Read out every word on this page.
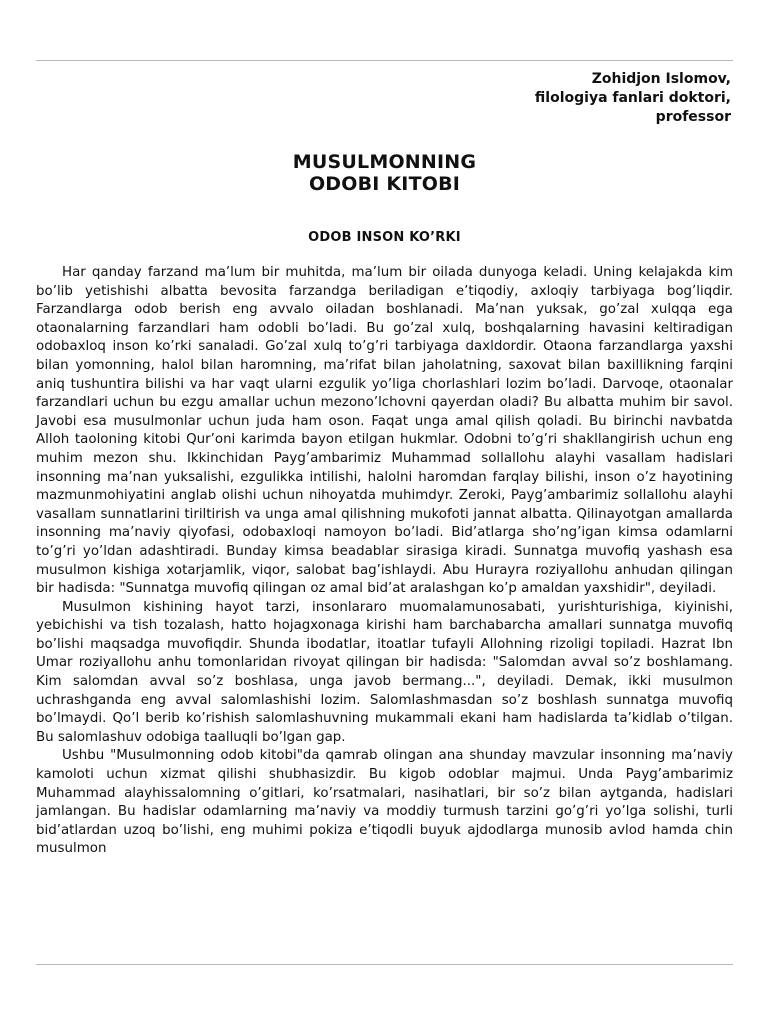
Zohidjon Islomov,
filologiya fanlari doktori,
professor
MUSULMONNING
ODOBI KITOBI
ODOB INSON KO’RKI

Har qanday farzand ma’lum bir muhitda, ma’lum bir oilada dunyoga keladi. Uning kelajakda kim bo’lib yetishishi albatta bevosita farzandga beriladigan e’tiqodiy, axloqiy tarbiyaga bog’liqdir. Farzandlarga odob berish eng avvalo oiladan boshlanadi. Ma’nan yuksak, go’zal xulqqa ega otaonalarning farzandlari ham odobli bo’ladi. Bu go’zal xulq, boshqalarning havasini keltiradigan odobaxloq inson ko’rki sanaladi. Go’zal xulq to’g’ri tarbiyaga daxldordir. Otaona farzandlarga yaxshi bilan yomonning, halol bilan haromning, ma’rifat bilan jaholatning, saxovat bilan baxillikning farqini aniq tushuntira bilishi va har vaqt ularni ezgulik yo’liga chorlashlari lozim bo’ladi. Darvoqe, otaonalar farzandlari uchun bu ezgu amallar uchun mezono’lchovni qayerdan oladi? Bu albatta muhim bir savol. Javobi esa musulmonlar uchun juda ham oson. Faqat unga amal qilish qoladi. Bu birinchi navbatda Alloh taoloning kitobi Qur’oni karimda bayon etilgan hukmlar. Odobni to’g’ri shakllangirish uchun eng muhim mezon shu. Ikkinchidan Payg’ambarimiz Muhammad sollallohu alayhi vasallam hadislari insonning ma’nan yuksalishi, ezgulikka intilishi, halolni haromdan farqlay bilishi, inson o’z hayotining mazmunmohiyatini anglab olishi uchun nihoyatda muhimdyr. Zeroki, Payg’ambarimiz sollallohu alayhi vasallam sunnatlarini tiriltirish va unga amal qilishning mukofoti jannat albatta. Qilinayotgan amallarda insonning ma’naviy qiyofasi, odobaxloqi namoyon bo’ladi. Bid’atlarga sho’ng’igan kimsa odamlarni to’g’ri yo’ldan adashtiradi. Bunday kimsa beadablar sirasiga kiradi. Sunnatga muvofiq yashash esa musulmon kishiga xotarjamlik, viqor, salobat bag’ishlaydi. Abu Hurayra roziyallohu anhudan qilingan bir hadisda: "Sunnatga muvofiq qilingan oz amal bid’at aralashgan ko’p amaldan yaxshidir", deyiladi.

Musulmon kishining hayot tarzi, insonlararo muomalamunosabati, yurishturishiga, kiyinishi, yebichishi va tish tozalash, hatto hojagxonaga kirishi ham barchabarcha amallari sunnatga muvofiq bo’lishi maqsadga muvofiqdir. Shunda ibodatlar, itoatlar tufayli Allohning rizoligi topiladi. Hazrat Ibn Umar roziyallohu anhu tomonlaridan rivoyat qilingan bir hadisda: "Salomdan avval so’z boshlamang. Kim salomdan avval so’z boshlasa, unga javob bermang...", deyiladi. Demak, ikki musulmon uchrashganda eng avval salomlashishi lozim. Salomlashmasdan so’z boshlash sunnatga muvofiq bo’lmaydi. Qo’l berib ko’rishish salomlashuvning mukammali ekani ham hadislarda ta’kidlab o’tilgan. Bu salomlashuv odobiga taalluqli bo’lgan gap.

Ushbu "Musulmonning odob kitobi"da qamrab olingan ana shunday mavzular insonning ma’naviy kamoloti uchun xizmat qilishi shubhasizdir. Bu kigob odoblar majmui. Unda Payg’ambarimiz Muhammad alayhissalomning o’gitlari, ko’rsatmalari, nasihatlari, bir so’z bilan aytganda, hadislari jamlangan. Bu hadislar odamlarning ma’naviy va moddiy turmush tarzini go’g’ri yo’lga solishi, turli bid’atlardan uzoq bo’lishi, eng muhimi pokiza e’tiqodli buyuk ajdodlarga munosib avlod hamda chin musulmon
